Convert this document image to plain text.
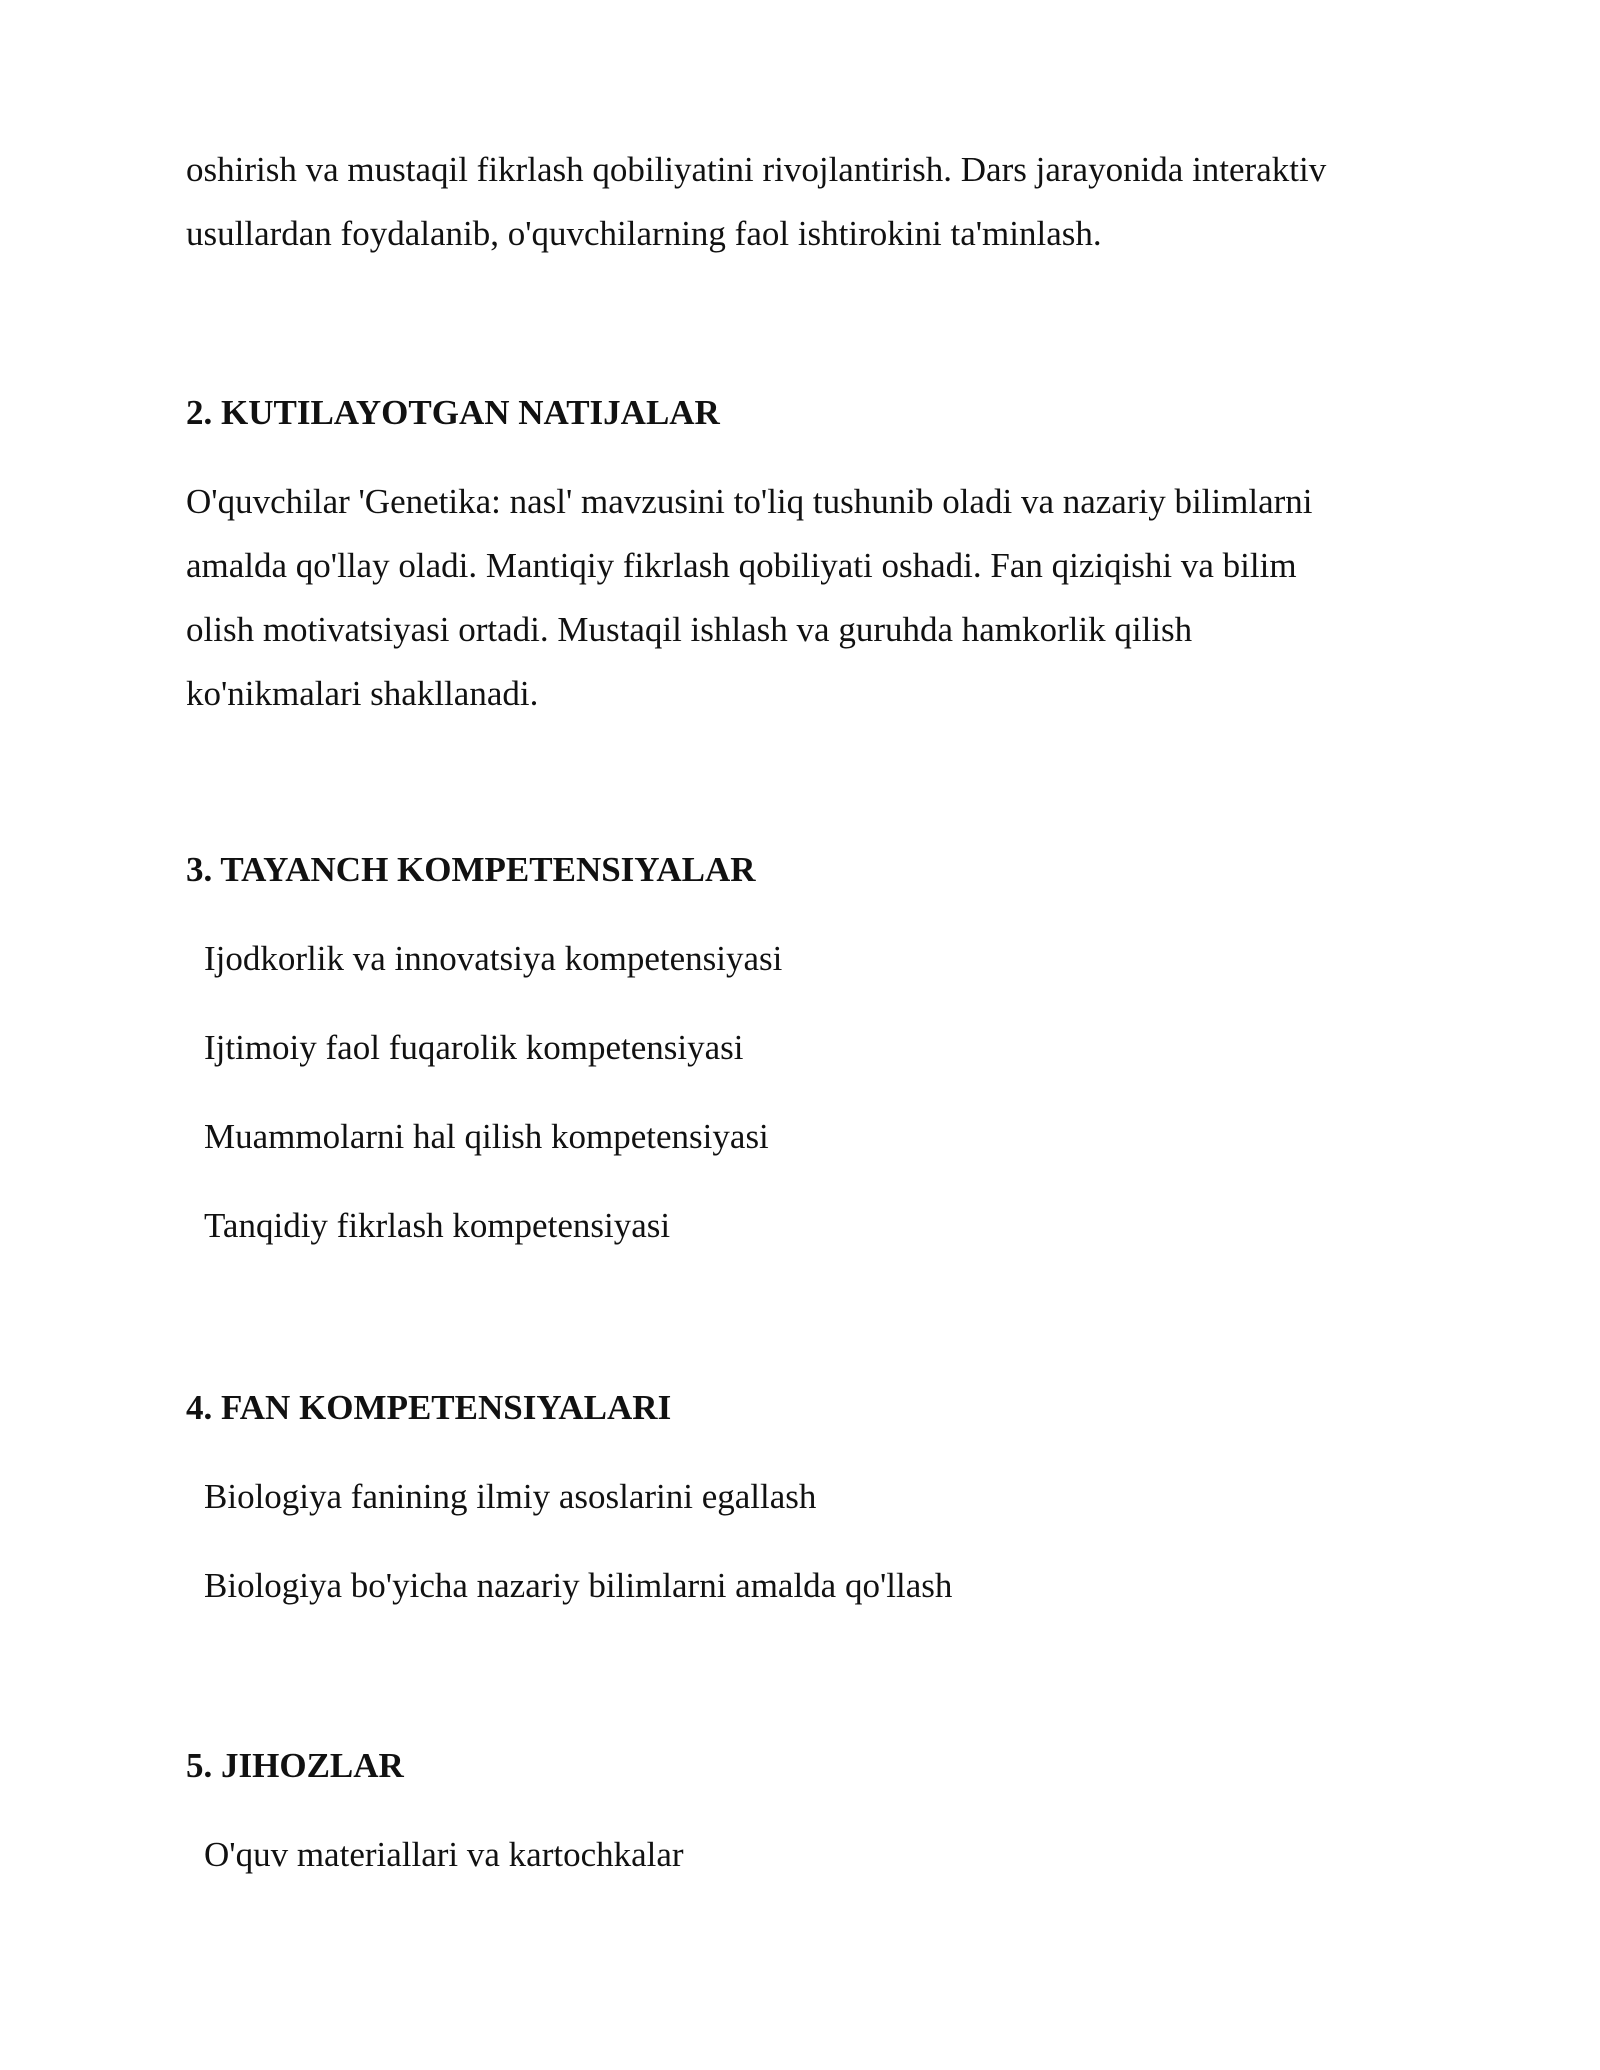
oshirish va mustaqil fikrlash qobiliyatini rivojlantirish. Dars jarayonida interaktiv
usullardan foydalanib, o'quvchilarning faol ishtirokini ta'minlash.

2. KUTILAYOTGAN NATIJALAR

O'quvchilar 'Genetika: nasl' mavzusini to'liq tushunib oladi va nazariy bilimlarni
amalda qo'llay oladi. Mantiqiy fikrlash qobiliyati oshadi. Fan qiziqishi va bilim
olish motivatsiyasi ortadi. Mustaqil ishlash va guruhda hamkorlik qilish
ko'nikmalari shakllanadi.

3. TAYANCH KOMPETENSIYALAR

Ijodkorlik va innovatsiya kompetensiyasi

Ijtimoiy faol fuqarolik kompetensiyasi

Muammolarni hal qilish kompetensiyasi

Tanqidiy fikrlash kompetensiyasi

4. FAN KOMPETENSIYALARI

Biologiya fanining ilmiy asoslarini egallash

Biologiya bo'yicha nazariy bilimlarni amalda qo'llash

5. JIHOZLAR

O'quv materiallari va kartochkalar
